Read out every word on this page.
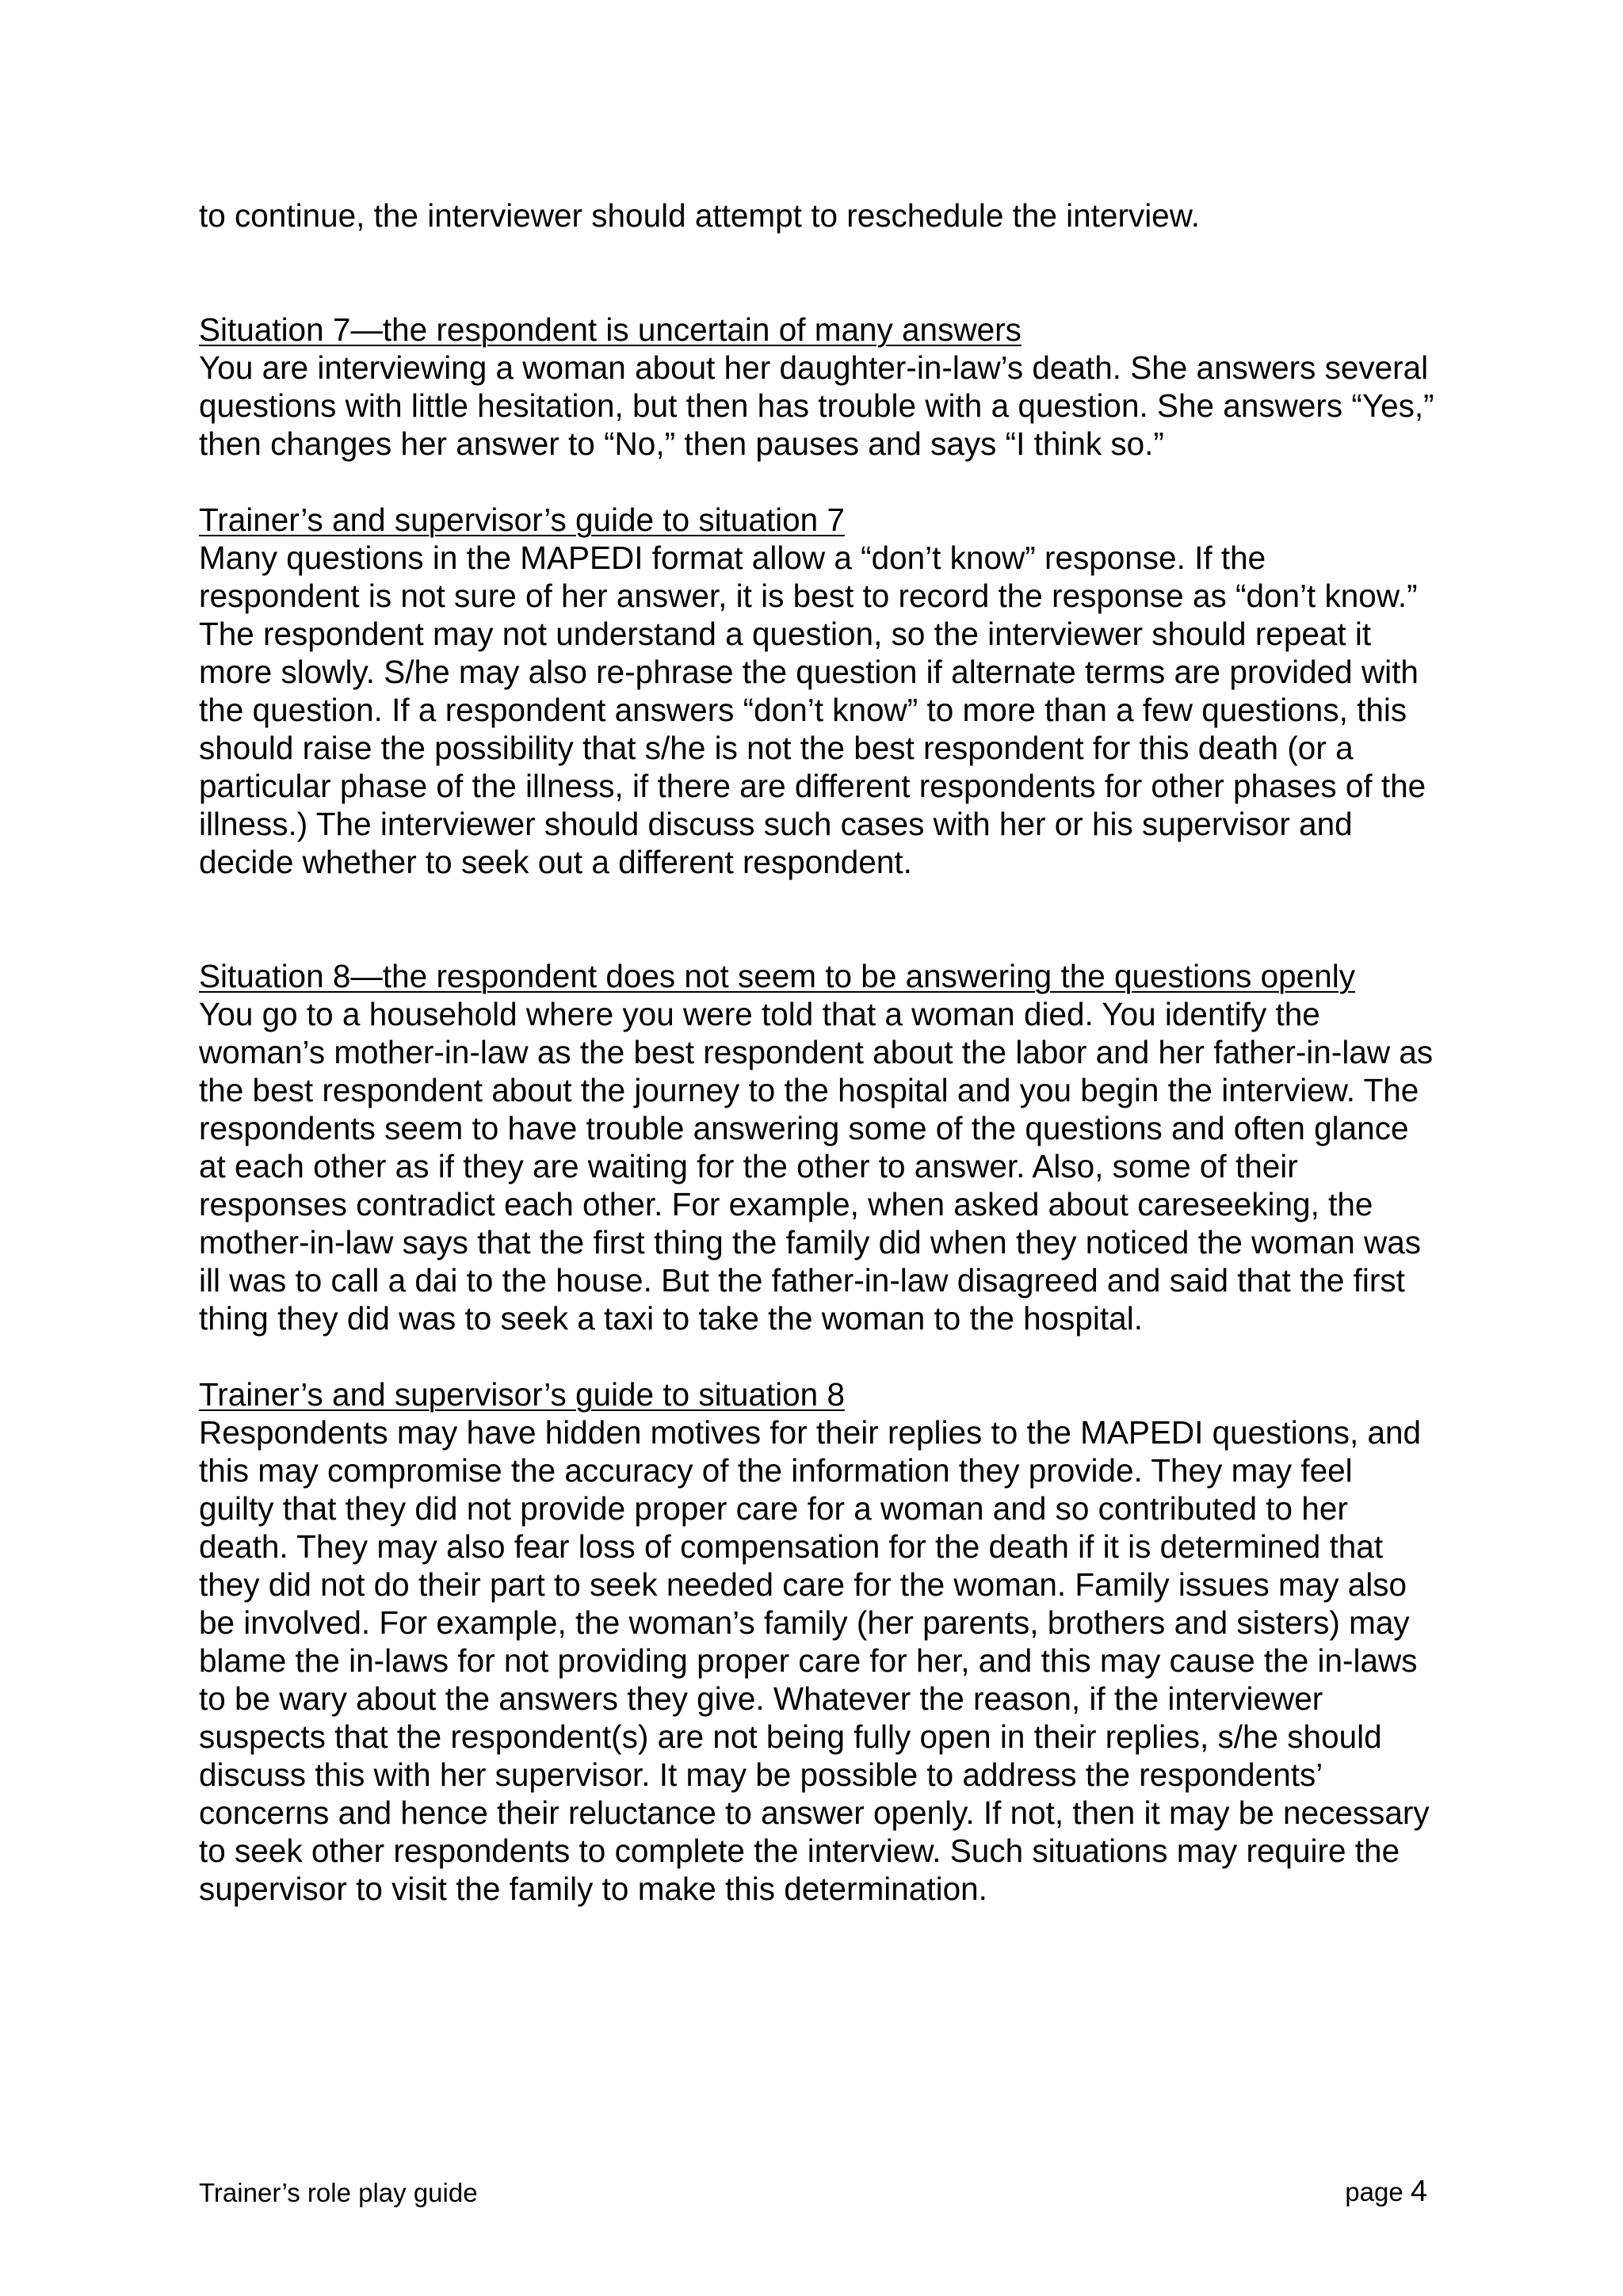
to continue, the interviewer should attempt to reschedule the interview.

Situation 7—the respondent is uncertain of many answers
You are interviewing a woman about her daughter-in-law’s death. She answers several questions with little hesitation, but then has trouble with a question. She answers “Yes,” then changes her answer to “No,” then pauses and says “I think so.”
Trainer’s and supervisor’s guide to situation 7
Many questions in the MAPEDI format allow a “don’t know” response. If the respondent is not sure of her answer, it is best to record the response as “don’t know.” The respondent may not understand a question, so the interviewer should repeat it more slowly. S/he may also re-phrase the question if alternate terms are provided with the question. If a respondent answers “don’t know” to more than a few questions, this should raise the possibility that s/he is not the best respondent for this death (or a particular phase of the illness, if there are different respondents for other phases of the illness.) The interviewer should discuss such cases with her or his supervisor and decide whether to seek out a different respondent.
Situation 8—the respondent does not seem to be answering the questions openly
You go to a household where you were told that a woman died. You identify the woman’s mother-in-law as the best respondent about the labor and her father-in-law as the best respondent about the journey to the hospital and you begin the interview. The respondents seem to have trouble answering some of the questions and often glance at each other as if they are waiting for the other to answer. Also, some of their responses contradict each other. For example, when asked about careseeking, the mother-in-law says that the first thing the family did when they noticed the woman was ill was to call a dai to the house. But the father-in-law disagreed and said that the first thing they did was to seek a taxi to take the woman to the hospital.
Trainer’s and supervisor’s guide to situation 8
Respondents may have hidden motives for their replies to the MAPEDI questions, and this may compromise the accuracy of the information they provide. They may feel guilty that they did not provide proper care for a woman and so contributed to her death. They may also fear loss of compensation for the death if it is determined that they did not do their part to seek needed care for the woman. Family issues may also be involved. For example, the woman’s family (her parents, brothers and sisters) may blame the in-laws for not providing proper care for her, and this may cause the in-laws to be wary about the answers they give. Whatever the reason, if the interviewer suspects that the respondent(s) are not being fully open in their replies, s/he should discuss this with her supervisor. It may be possible to address the respondents’ concerns and hence their reluctance to answer openly. If not, then it may be necessary to seek other respondents to complete the interview. Such situations may require the supervisor to visit the family to make this determination.
Trainer’s role play guide	page 4
